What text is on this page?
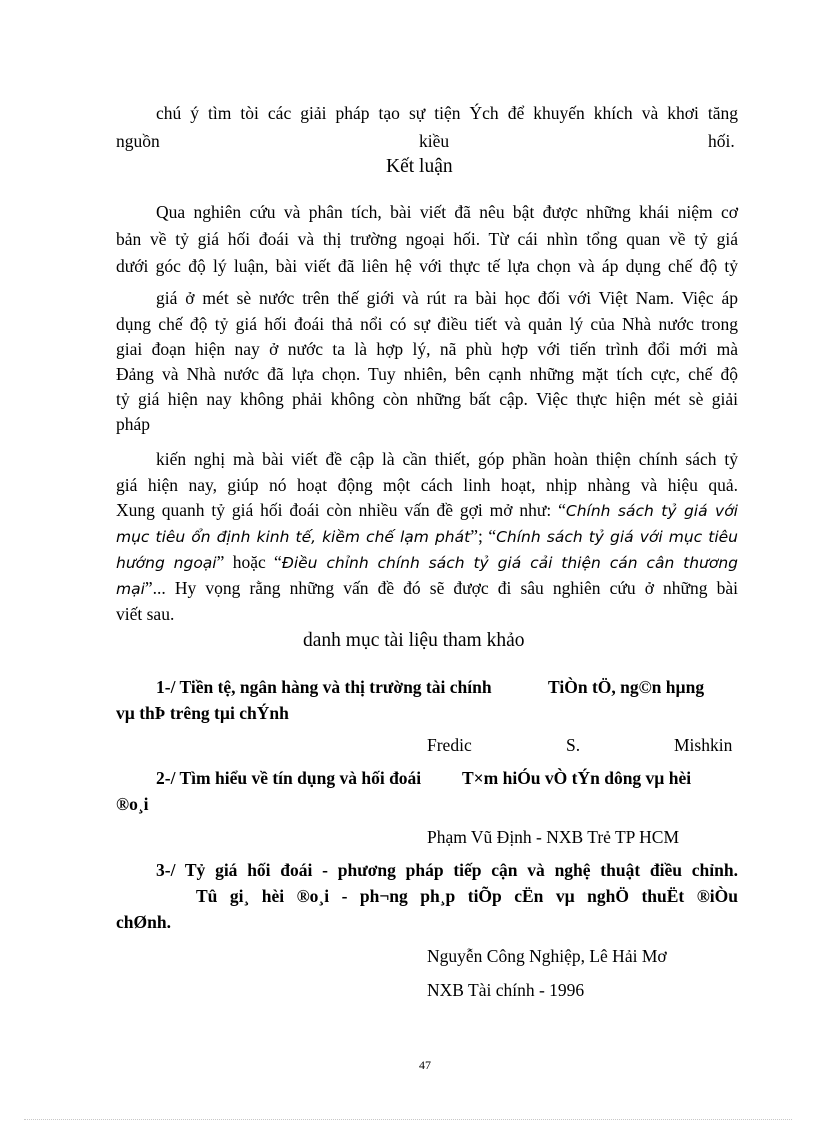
chú ý tìm tòi các giải pháp tạo sự tiện Ých để khuyến khích và khơi tăng
nguồn	kiều	hối.
Kết luận
Qua nghiên cứu và phân tích, bài viết đã nêu bật được những khái niệm cơ
bản về tỷ giá hối đoái và thị trường ngoại hối. Từ cái nhìn tổng quan về tỷ giá
dưới góc độ lý luận, bài viết đã liên hệ với thực tế lựa chọn và áp dụng chế độ tỷ
giá ở mét sè nước trên thế giới và rút ra bài học đối với Việt Nam. Việc áp
dụng chế độ tỷ giá hối đoái thả nổi có sự điều tiết và quản lý của Nhà nước trong
giai đoạn hiện nay ở nước ta là hợp lý, nã phù hợp với tiến trình đổi mới mà
Đảng và Nhà nước đã lựa chọn. Tuy nhiên, bên cạnh những mặt tích cực, chế độ
tỷ giá hiện nay không phải không còn những bất cập. Việc thực hiện mét sè giải
pháp
kiến nghị mà bài viết đề cập là cần thiết, góp phần hoàn thiện chính sách tỷ
giá hiện nay, giúp nó hoạt động một cách linh hoạt, nhịp nhàng và hiệu quả.
Xung quanh tỷ giá hối đoái còn nhiều vấn đề gợi mở như: “Chính sách tỷ giá với
mục tiêu ổn định kinh tế, kiềm chế lạm phát”; “Chính sách tỷ giá với mục tiêu
hướng ngoại” hoặc “Điều chỉnh chính sách tỷ giá cải thiện cán cân thương
mại”... Hy vọng rằng những vấn đề đó sẽ được đi sâu nghiên cứu ở những bài
viết sau.
danh mục tài liệu tham khảo
1-/ Tiền tệ, ngân hàng và thị trường tài chính	TiÒn tÖ, ng©n hµng
vµ thÞ trêng tµi chÝnh
Fredic	S.	Mishkin
2-/ Tìm hiểu về tín dụng và hối đoái T×m hiÓu vÒ tÝn dông vµ hèi
®o¸i
Phạm Vũ Định - NXB Trẻ TP HCM
3-/ Tỷ giá hối đoái - phương pháp tiếp cận và nghệ thuật điều chỉnh.
Tû gi¸ hèi ®o¸i - ph¬ng ph¸p tiÕp cËn vµ nghÖ thuËt ®iÒu
chØnh.
Nguyễn Công Nghiệp, Lê Hải Mơ
NXB Tài chính - 1996
47
